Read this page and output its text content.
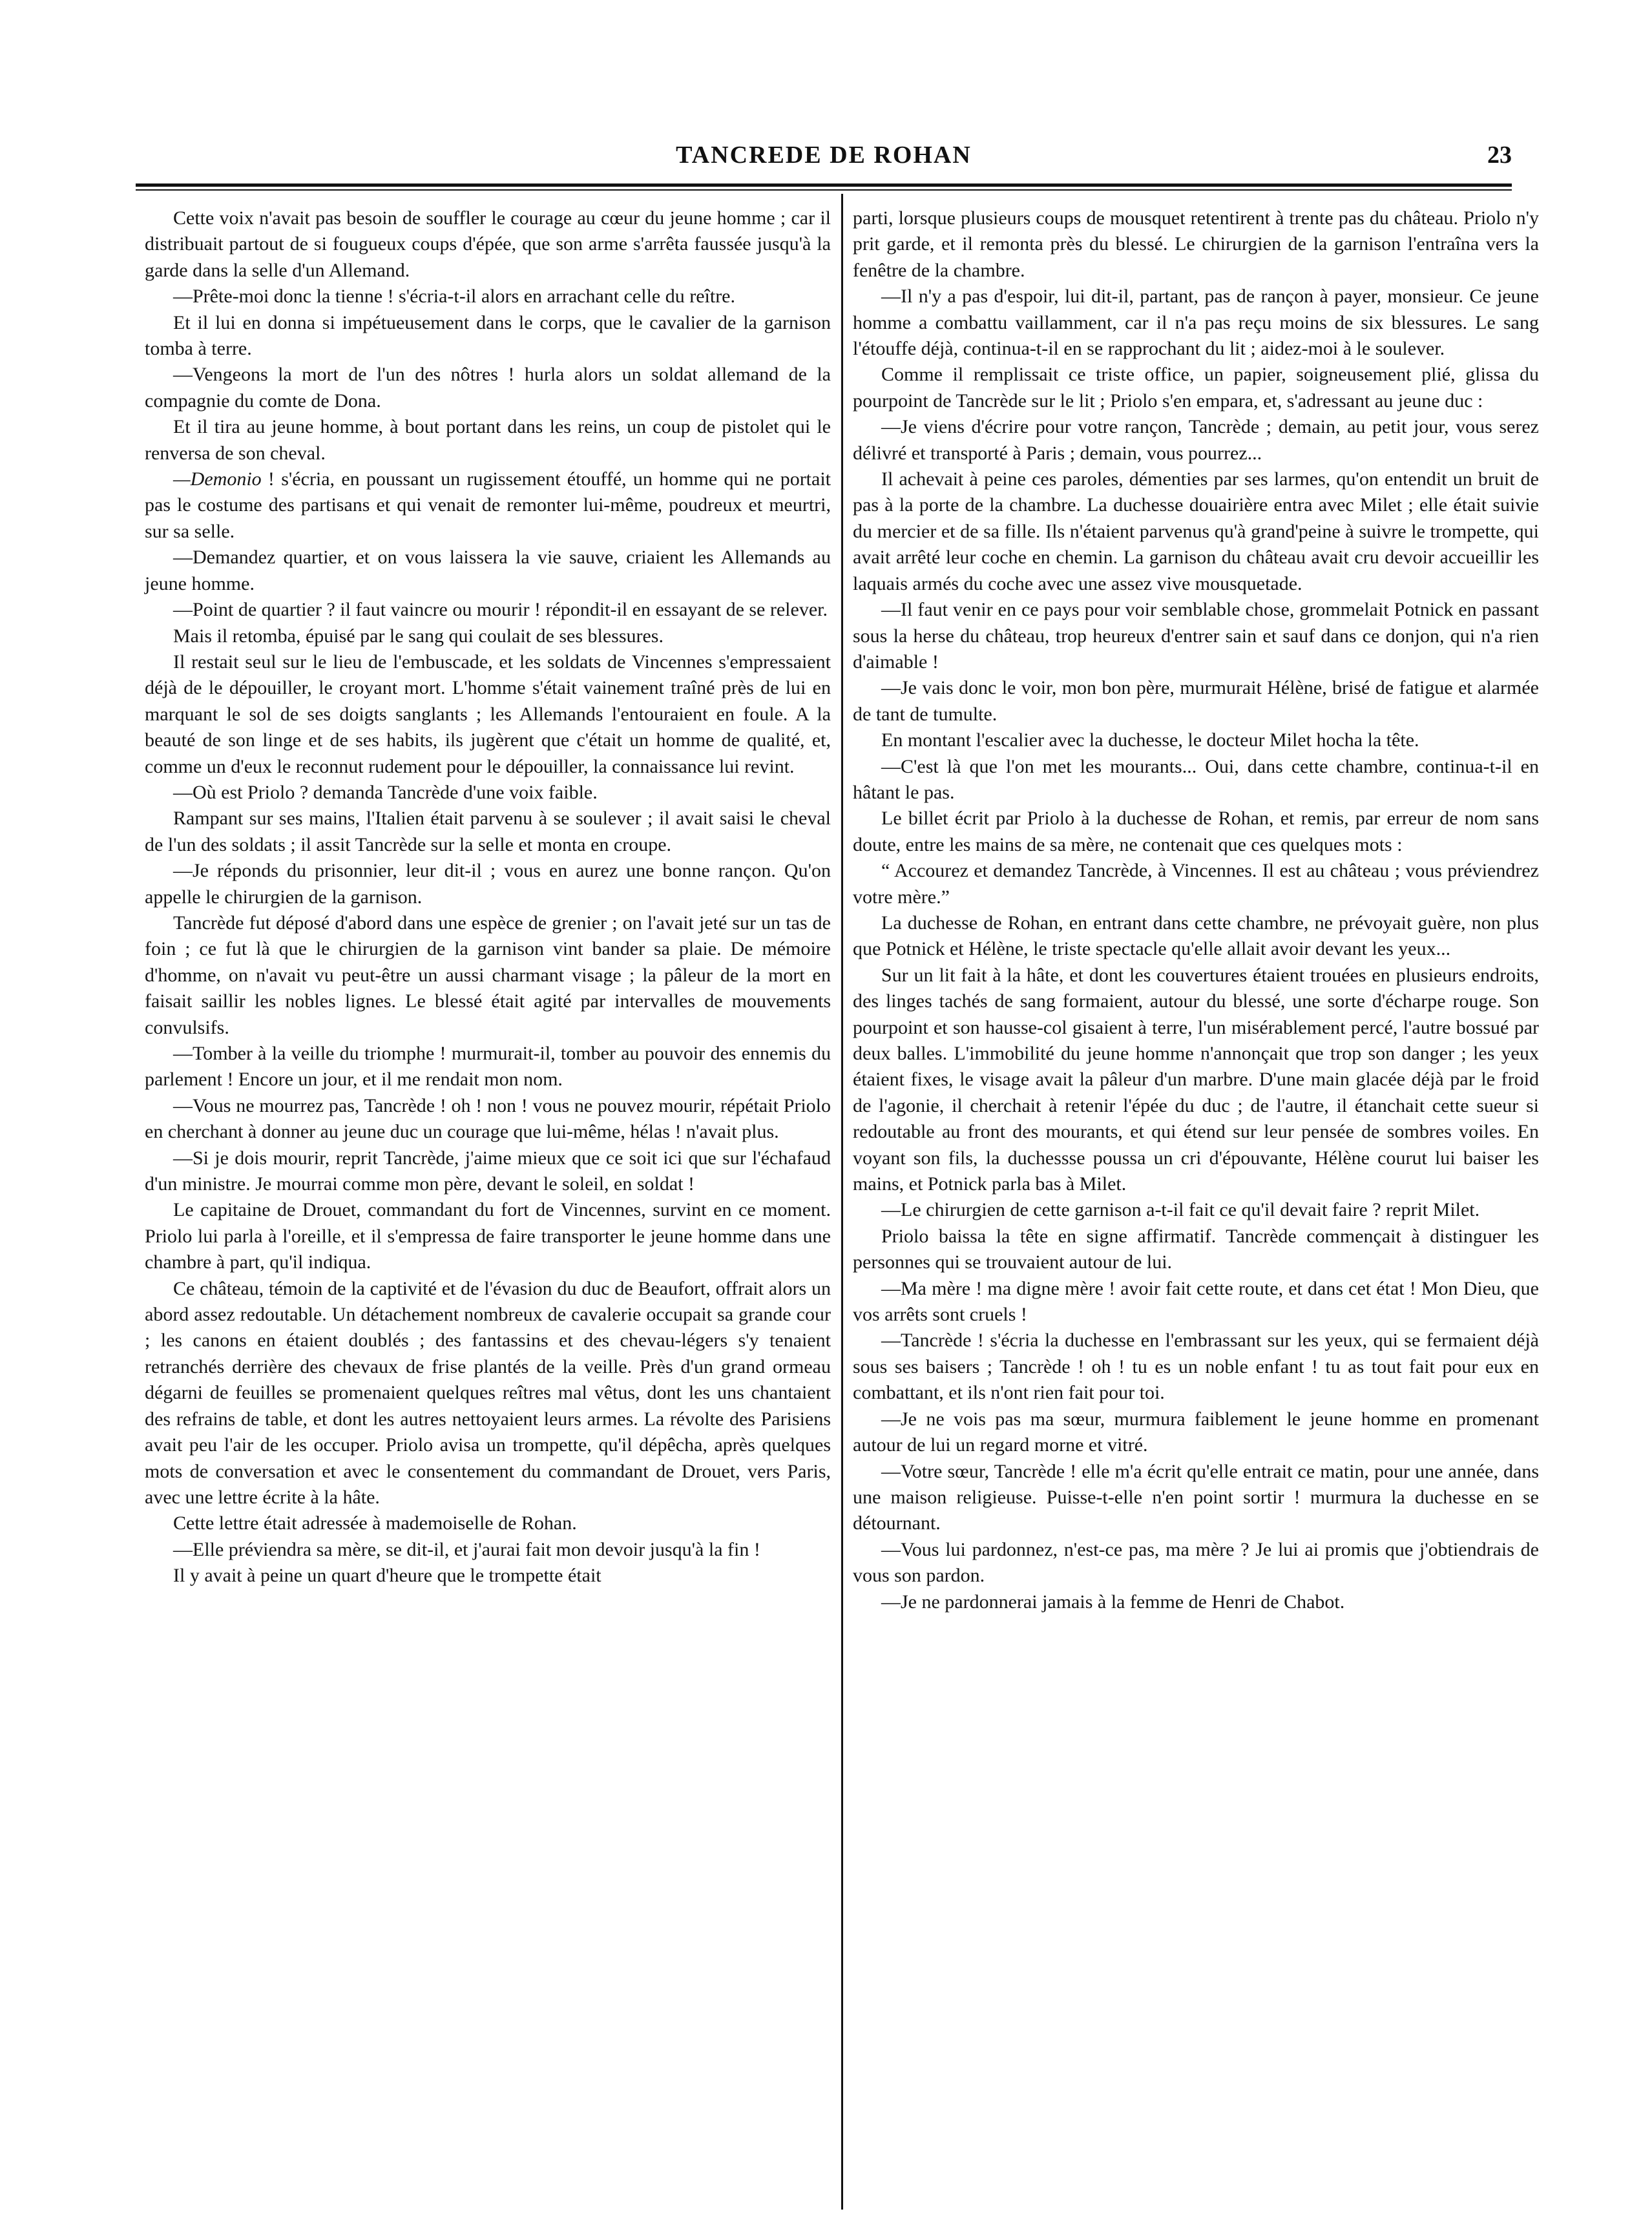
TANCREDE DE ROHAN	23

Cette voix n'avait pas besoin de souffler le courage au cœur du jeune homme ; car il distribuait partout de si fougueux coups d'épée, que son arme s'arrêta faussée jusqu'à la garde dans la selle d'un Allemand.

—Prête-moi donc la tienne ! s'écria-t-il alors en arrachant celle du reître.

Et il lui en donna si impétueusement dans le corps, que le cavalier de la garnison tomba à terre.

—Vengeons la mort de l'un des nôtres ! hurla alors un soldat allemand de la compagnie du comte de Dona.

Et il tira au jeune homme, à bout portant dans les reins, un coup de pistolet qui le renversa de son cheval.

—Demonio ! s'écria, en poussant un rugissement étouffé, un homme qui ne portait pas le costume des partisans et qui venait de remonter lui-même, poudreux et meurtri, sur sa selle.

—Demandez quartier, et on vous laissera la vie sauve, criaient les Allemands au jeune homme.

—Point de quartier ? il faut vaincre ou mourir ! répondit-il en essayant de se relever.

Mais il retomba, épuisé par le sang qui coulait de ses blessures.

Il restait seul sur le lieu de l'embuscade, et les soldats de Vincennes s'empressaient déjà de le dépouiller, le croyant mort. L'homme s'était vainement traîné près de lui en marquant le sol de ses doigts sanglants ; les Allemands l'entouraient en foule. A la beauté de son linge et de ses habits, ils jugèrent que c'était un homme de qualité, et, comme un d'eux le reconnut rudement pour le dépouiller, la connaissance lui revint.

—Où est Priolo ? demanda Tancrède d'une voix faible.

Rampant sur ses mains, l'Italien était parvenu à se soulever ; il avait saisi le cheval de l'un des soldats ; il assit Tancrède sur la selle et monta en croupe.

—Je réponds du prisonnier, leur dit-il ; vous en aurez une bonne rançon. Qu'on appelle le chirurgien de la garnison.

Tancrède fut déposé d'abord dans une espèce de grenier ; on l'avait jeté sur un tas de foin ; ce fut là que le chirurgien de la garnison vint bander sa plaie. De mémoire d'homme, on n'avait vu peut-être un aussi charmant visage ; la pâleur de la mort en faisait saillir les nobles lignes. Le blessé était agité par intervalles de mouvements convulsifs.

—Tomber à la veille du triomphe ! murmurait-il, tomber au pouvoir des ennemis du parlement ! Encore un jour, et il me rendait mon nom.

—Vous ne mourrez pas, Tancrède ! oh ! non ! vous ne pouvez mourir, répétait Priolo en cherchant à donner au jeune duc un courage que lui-même, hélas ! n'avait plus.

—Si je dois mourir, reprit Tancrède, j'aime mieux que ce soit ici que sur l'échafaud d'un ministre. Je mourrai comme mon père, devant le soleil, en soldat !

Le capitaine de Drouet, commandant du fort de Vincennes, survint en ce moment. Priolo lui parla à l'oreille, et il s'empressa de faire transporter le jeune homme dans une chambre à part, qu'il indiqua.

Ce château, témoin de la captivité et de l'évasion du duc de Beaufort, offrait alors un abord assez redoutable. Un détachement nombreux de cavalerie occupait sa grande cour ; les canons en étaient doublés ; des fantassins et des chevau-légers s'y tenaient retranchés derrière des chevaux de frise plantés de la veille. Près d'un grand ormeau dégarni de feuilles se promenaient quelques reîtres mal vêtus, dont les uns chantaient des refrains de table, et dont les autres nettoyaient leurs armes. La révolte des Parisiens avait peu l'air de les occuper. Priolo avisa un trompette, qu'il dépêcha, après quelques mots de conversation et avec le consentement du commandant de Drouet, vers Paris, avec une lettre écrite à la hâte.

Cette lettre était adressée à mademoiselle de Rohan.

—Elle préviendra sa mère, se dit-il, et j'aurai fait mon devoir jusqu'à la fin !

Il y avait à peine un quart d'heure que le trompette était

parti, lorsque plusieurs coups de mousquet retentirent à trente pas du château. Priolo n'y prit garde, et il remonta près du blessé. Le chirurgien de la garnison l'entraîna vers la fenêtre de la chambre.

—Il n'y a pas d'espoir, lui dit-il, partant, pas de rançon à payer, monsieur. Ce jeune homme a combattu vaillamment, car il n'a pas reçu moins de six blessures. Le sang l'étouffe déjà, continua-t-il en se rapprochant du lit ; aidez-moi à le soulever.

Comme il remplissait ce triste office, un papier, soigneusement plié, glissa du pourpoint de Tancrède sur le lit ; Priolo s'en empara, et, s'adressant au jeune duc :

—Je viens d'écrire pour votre rançon, Tancrède ; demain, au petit jour, vous serez délivré et transporté à Paris ; demain, vous pourrez...

Il achevait à peine ces paroles, démenties par ses larmes, qu'on entendit un bruit de pas à la porte de la chambre. La duchesse douairière entra avec Milet ; elle était suivie du mercier et de sa fille. Ils n'étaient parvenus qu'à grand'peine à suivre le trompette, qui avait arrêté leur coche en chemin. La garnison du château avait cru devoir accueillir les laquais armés du coche avec une assez vive mousquetade.

—Il faut venir en ce pays pour voir semblable chose, grommelait Potnick en passant sous la herse du château, trop heureux d'entrer sain et sauf dans ce donjon, qui n'a rien d'aimable !

—Je vais donc le voir, mon bon père, murmurait Hélène, brisé de fatigue et alarmée de tant de tumulte.

En montant l'escalier avec la duchesse, le docteur Milet hocha la tête.

—C'est là que l'on met les mourants... Oui, dans cette chambre, continua-t-il en hâtant le pas.

Le billet écrit par Priolo à la duchesse de Rohan, et remis, par erreur de nom sans doute, entre les mains de sa mère, ne contenait que ces quelques mots :

“ Accourez et demandez Tancrède, à Vincennes. Il est au château ; vous préviendrez votre mère.”

La duchesse de Rohan, en entrant dans cette chambre, ne prévoyait guère, non plus que Potnick et Hélène, le triste spectacle qu'elle allait avoir devant les yeux...

Sur un lit fait à la hâte, et dont les couvertures étaient trouées en plusieurs endroits, des linges tachés de sang formaient, autour du blessé, une sorte d'écharpe rouge. Son pourpoint et son hausse-col gisaient à terre, l'un misérablement percé, l'autre bossué par deux balles. L'immobilité du jeune homme n'annonçait que trop son danger ; les yeux étaient fixes, le visage avait la pâleur d'un marbre. D'une main glacée déjà par le froid de l'agonie, il cherchait à retenir l'épée du duc ; de l'autre, il étanchait cette sueur si redoutable au front des mourants, et qui étend sur leur pensée de sombres voiles. En voyant son fils, la duchessse poussa un cri d'épouvante, Hélène courut lui baiser les mains, et Potnick parla bas à Milet.

—Le chirurgien de cette garnison a-t-il fait ce qu'il devait faire ? reprit Milet.

Priolo baissa la tête en signe affirmatif. Tancrède commençait à distinguer les personnes qui se trouvaient autour de lui.

—Ma mère ! ma digne mère ! avoir fait cette route, et dans cet état ! Mon Dieu, que vos arrêts sont cruels !

—Tancrède ! s'écria la duchesse en l'embrassant sur les yeux, qui se fermaient déjà sous ses baisers ; Tancrède ! oh ! tu es un noble enfant ! tu as tout fait pour eux en combattant, et ils n'ont rien fait pour toi.

—Je ne vois pas ma sœur, murmura faiblement le jeune homme en promenant autour de lui un regard morne et vitré.

—Votre sœur, Tancrède ! elle m'a écrit qu'elle entrait ce matin, pour une année, dans une maison religieuse. Puisse-t-elle n'en point sortir ! murmura la duchesse en se détournant.

—Vous lui pardonnez, n'est-ce pas, ma mère ? Je lui ai promis que j'obtiendrais de vous son pardon.

—Je ne pardonnerai jamais à la femme de Henri de Chabot.
